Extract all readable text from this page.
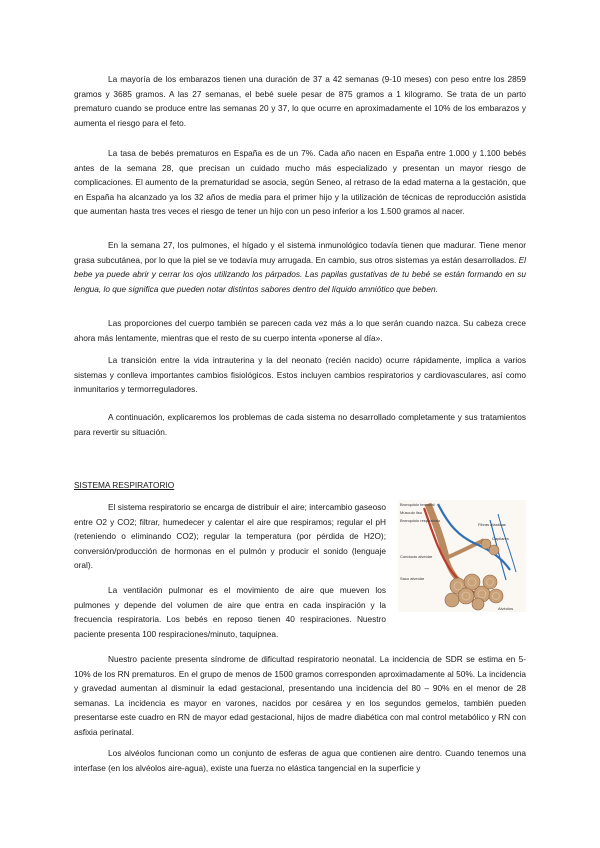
La mayoría de los embarazos tienen una duración de 37 a 42 semanas (9-10 meses) con peso entre los 2859 gramos y 3685 gramos. A las 27 semanas, el bebé suele pesar de 875 gramos a 1 kilogramo. Se trata de un parto prematuro cuando se produce entre las semanas 20 y 37, lo que ocurre en aproximadamente el 10% de los embarazos y aumenta el riesgo para el feto.

La tasa de bebés prematuros en España es de un 7%. Cada año nacen en España entre 1.000 y 1.100 bebés antes de la semana 28, que precisan un cuidado mucho más especializado y presentan un mayor riesgo de complicaciones. El aumento de la prematuridad se asocia, según Seneo, al retraso de la edad materna a la gestación, que en España ha alcanzado ya los 32 años de media para el primer hijo y la utilización de técnicas de reproducción asistida que aumentan hasta tres veces el riesgo de tener un hijo con un peso inferior a los 1.500 gramos al nacer.

En la semana 27, los pulmones, el hígado y el sistema inmunológico todavía tienen que madurar. Tiene menor grasa subcutánea, por lo que la piel se ve todavía muy arrugada. En cambio, sus otros sistemas ya están desarrollados. El bebe ya puede abrir y cerrar los ojos utilizando los párpados. Las papilas gustativas de tu bebé se están formando en su lengua, lo que significa que pueden notar distintos sabores dentro del líquido amniótico que beben.

Las proporciones del cuerpo también se parecen cada vez más a lo que serán cuando nazca. Su cabeza crece ahora más lentamente, mientras que el resto de su cuerpo intenta «ponerse al día».

La transición entre la vida intrauterina y la del neonato (recién nacido) ocurre rápidamente, implica a varios sistemas y conlleva importantes cambios fisiológicos. Estos incluyen cambios respiratorios y cardiovasculares, así como inmunitarios y termorreguladores.

A continuación, explicaremos los problemas de cada sistema no desarrollado completamente y sus tratamientos para revertir su situación.

SISTEMA RESPIRATORIO

El sistema respiratorio se encarga de distribuir el aire; intercambio gaseoso entre O2 y CO2; filtrar, humedecer y calentar el aire que respiramos; regular el pH (reteniendo o eliminando CO2); regular la temperatura (por pérdida de H2O); conversión/producción de hormonas en el pulmón y producir el sonido (lenguaje oral).

La ventilación pulmonar es el movimiento de aire que mueven los pulmones y depende del volumen de aire que entra en cada inspiración y la frecuencia respiratoria. Los bebés en reposo tienen 40 respiraciones. Nuestro paciente presenta 100 respiraciones/minuto, taquipnea.

Bronquiolo terminal
Músculo liso
Bronquiolo respiratorio
Fibras elásticas
Capilares
Conducto alveolar
Saco alveolar
Alvéolos

Nuestro paciente presenta síndrome de dificultad respiratorio neonatal. La incidencia de SDR se estima en 5-10% de los RN prematuros. En el grupo de menos de 1500 gramos corresponden aproximadamente al 50%. La incidencia y gravedad aumentan al disminuir la edad gestacional, presentando una incidencia del 80 – 90% en el menor de 28 semanas. La incidencia es mayor en varones, nacidos por cesárea y en los segundos gemelos, también pueden presentarse este cuadro en RN de mayor edad gestacional, hijos de madre diabética con mal control metabólico y RN con asfixia perinatal.

Los alvéolos funcionan como un conjunto de esferas de agua que contienen aire dentro. Cuando tenemos una interfase (en los alvéolos aire-agua), existe una fuerza no elástica tangencial en la superficie y
